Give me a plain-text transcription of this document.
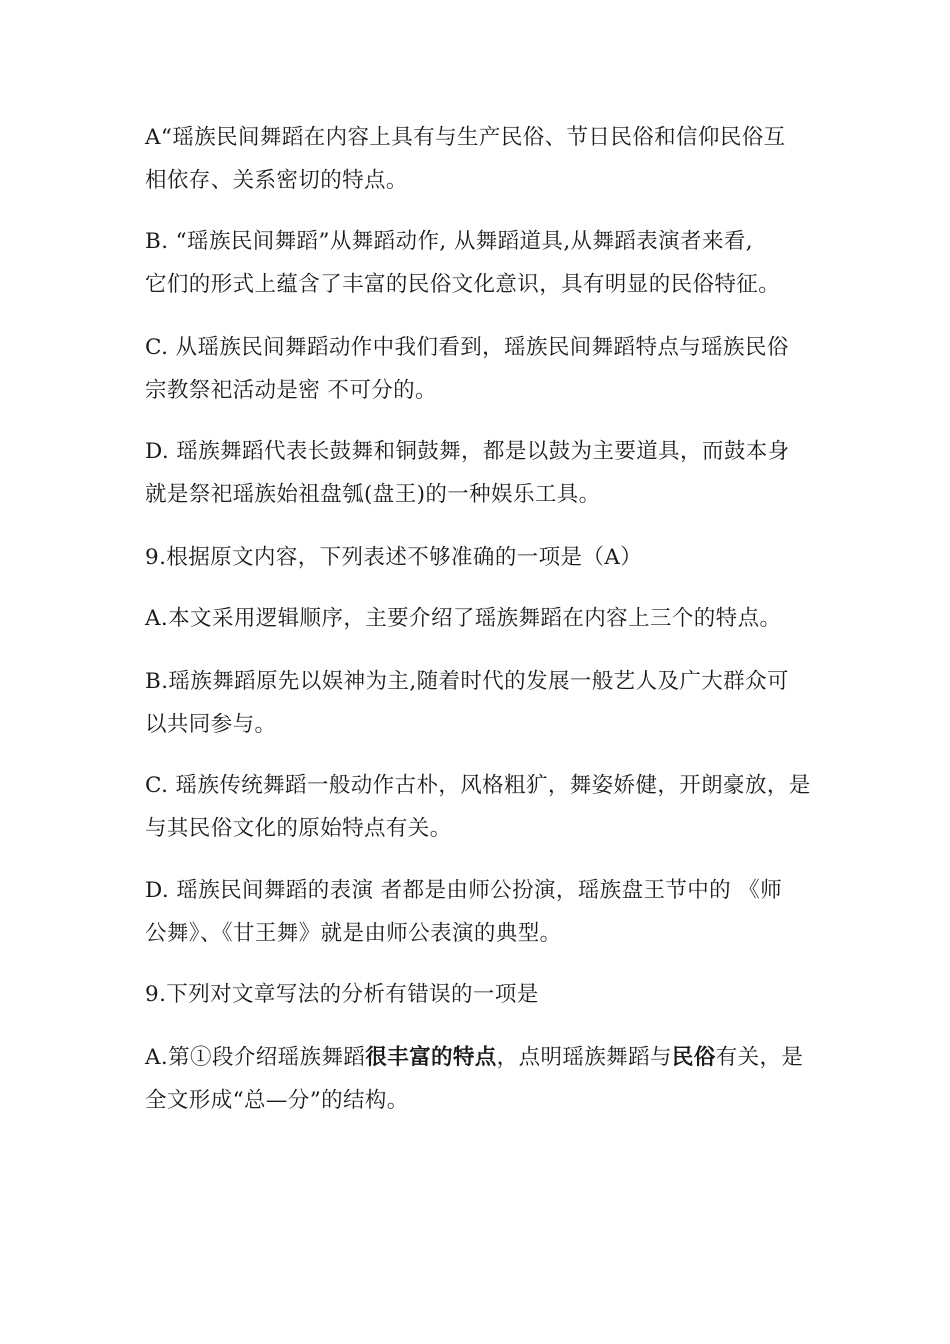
A“瑶族民间舞蹈在内容上具有与生产民俗、节日民俗和信仰民俗互
相依存、关系密切的特点。

B. “瑶族民间舞蹈”从舞蹈动作, 从舞蹈道具,从舞蹈表演者来看,
它们的形式上蕴含了丰富的民俗文化意识，具有明显的民俗特征。

C. 从瑶族民间舞蹈动作中我们看到，瑶族民间舞蹈特点与瑶族民俗
宗教祭祀活动是密 不可分的。

D. 瑶族舞蹈代表长鼓舞和铜鼓舞，都是以鼓为主要道具，而鼓本身
就是祭祀瑶族始祖盘瓠(盘王)的一种娱乐工具。

9.根据原文内容，下列表述不够准确的一项是（A）

A.本文采用逻辑顺序，主要介绍了瑶族舞蹈在内容上三个的特点。

B.瑶族舞蹈原先以娱神为主,随着时代的发展一般艺人及广大群众可
以共同参与。

C. 瑶族传统舞蹈一般动作古朴，风格粗犷，舞姿娇健，开朗豪放，是
与其民俗文化的原始特点有关。

D. 瑶族民间舞蹈的表演 者都是由师公扮演，瑶族盘王节中的 《师
公舞》、《甘王舞》就是由师公表演的典型。

9.下列对文章写法的分析有错误的一项是

A.第①段介绍瑶族舞蹈很丰富的特点，点明瑶族舞蹈与民俗有关，是
全文形成“总—分”的结构。
